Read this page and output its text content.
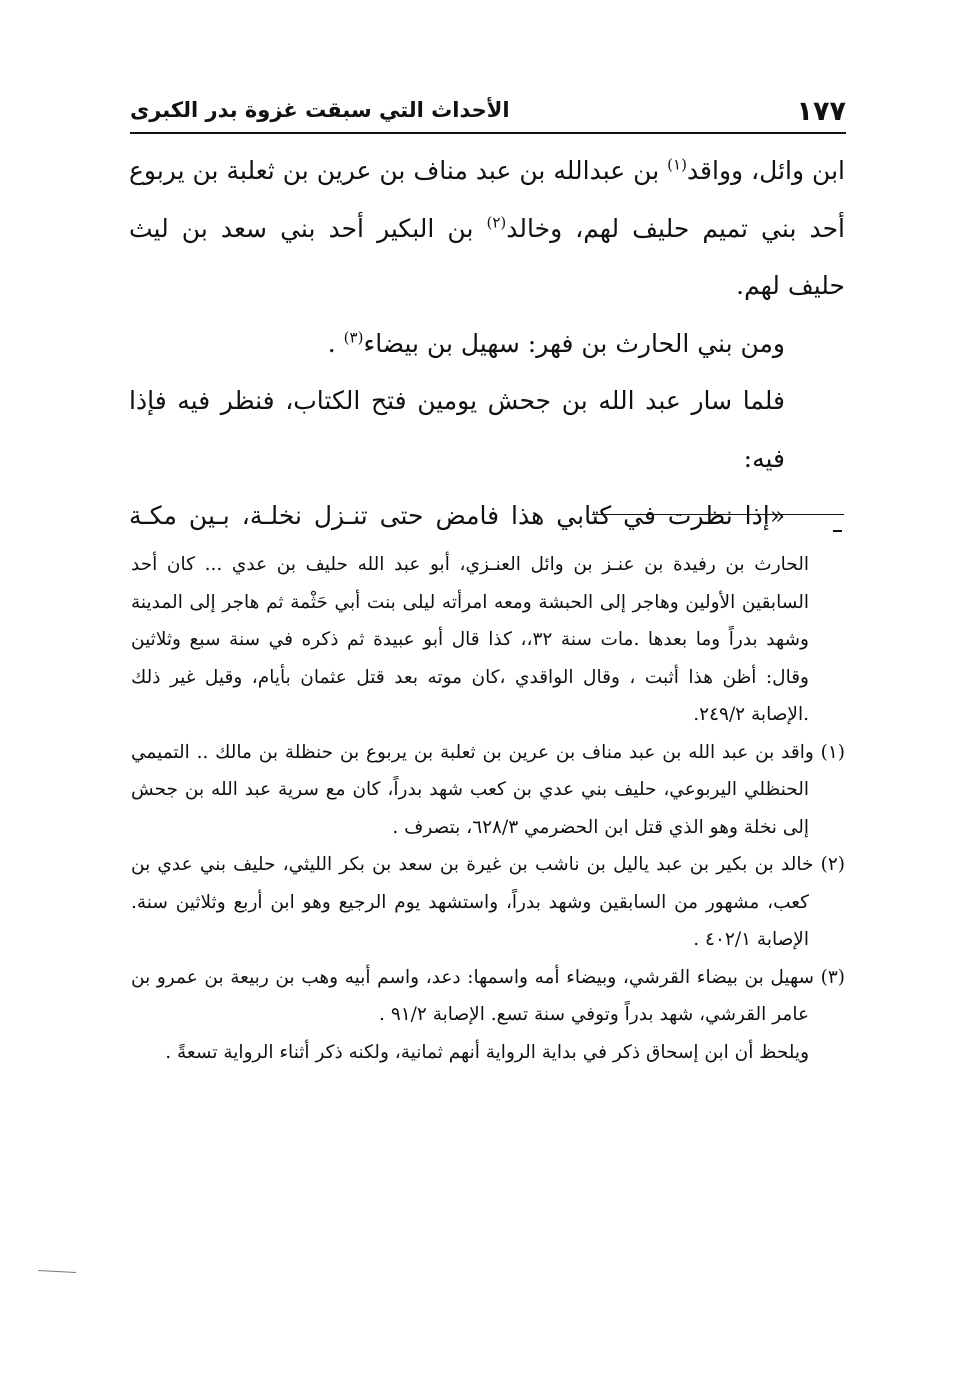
١٧٧
الأحداث التي سبقت غزوة بدر الكبرى

ابن وائل، وواقد$^{(١)}$ بن عبدالله بن عبد مناف بن عرين بن ثعلبة بن يربوع أحد بني تميم حليف لهم، وخالد$^{(٢)}$ بن البكير أحد بني سعد بن ليث حليف لهم.

ومن بني الحارث بن فهر: سهيل بن بيضاء$^{(٣)}$ .

فلما سار عبد الله بن جحش يومين فتح الكتاب، فنظر فيه فإذا فيه:

«إذا نظرت في كتابي هذا فامض حتى تنـزل نخلـة، بـين مكـة

الحارث بن رفيدة بن عنـز بن وائل العنـزي، أبو عبد الله حليف بن عدي ... كان أحد السابقين الأولين وهاجر إلى الحبشة ومعه امرأته ليلى بنت أبي حَثْمة ثم هاجر إلى المدينة وشهد بدراً وما بعدها .مات سنة ٣٢،، كذا قال أبو عبيدة ثم ذكره في سنة سبع وثلاثين وقال: أظن هذا أثبت ، وقال الواقدي ،كان موته بعد قتل عثمان بأيام، وقيل غير ذلك .الإصابة ٢٤٩/٢.

(١) واقد بن عبد الله بن عبد مناف بن عرين بن ثعلبة بن يربوع بن حنظلة بن مالك .. التميمي الحنظلي اليربوعي، حليف بني عدي بن كعب شهد بدراً، كان مع سرية عبد الله بن جحش إلى نخلة وهو الذي قتل ابن الحضرمي ٦٢٨/٣، بتصرف .

(٢) خالد بن بكير بن عبد ياليل بن ناشب بن غيرة بن سعد بن بكر الليثي، حليف بني عدي بن كعب، مشهور من السابقين وشهد بدراً، واستشهد يوم الرجيع وهو ابن أربع وثلاثين سنة. الإصابة ٤٠٢/١ .

(٣) سهيل بن بيضاء القرشي، وبيضاء أمه واسمها: دعد، واسم أبيه وهب بن ربيعة بن عمرو بن عامر القرشي، شهد بدراً وتوفي سنة تسع. الإصابة ٩١/٢ .

ويلحظ أن ابن إسحاق ذكر في بداية الرواية أنهم ثمانية، ولكنه ذكر أثناء الرواية تسعةً .
